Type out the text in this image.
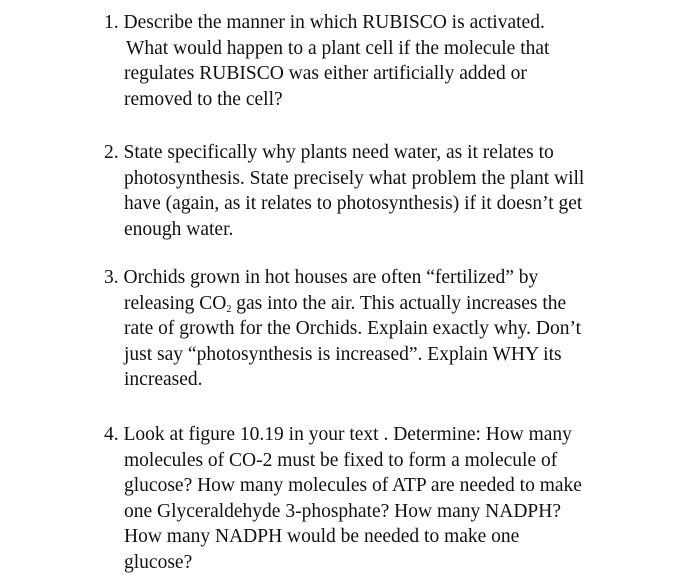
1. Describe the manner in which RUBISCO is activated.
What would happen to a plant cell if the molecule that
regulates RUBISCO was either artificially added or
removed to the cell?
2. State specifically why plants need water, as it relates to
photosynthesis. State precisely what problem the plant will
have (again, as it relates to photosynthesis) if it doesn’t get
enough water.
3. Orchids grown in hot houses are often “fertilized” by
releasing $CO_2$ gas into the air. This actually increases the
rate of growth for the Orchids. Explain exactly why. Don’t
just say “photosynthesis is increased”. Explain WHY its
increased.
4. Look at figure 10.19 in your text . Determine: How many
molecules of CO-2 must be fixed to form a molecule of
glucose? How many molecules of ATP are needed to make
one Glyceraldehyde 3-phosphate? How many NADPH?
How many NADPH would be needed to make one
glucose?
